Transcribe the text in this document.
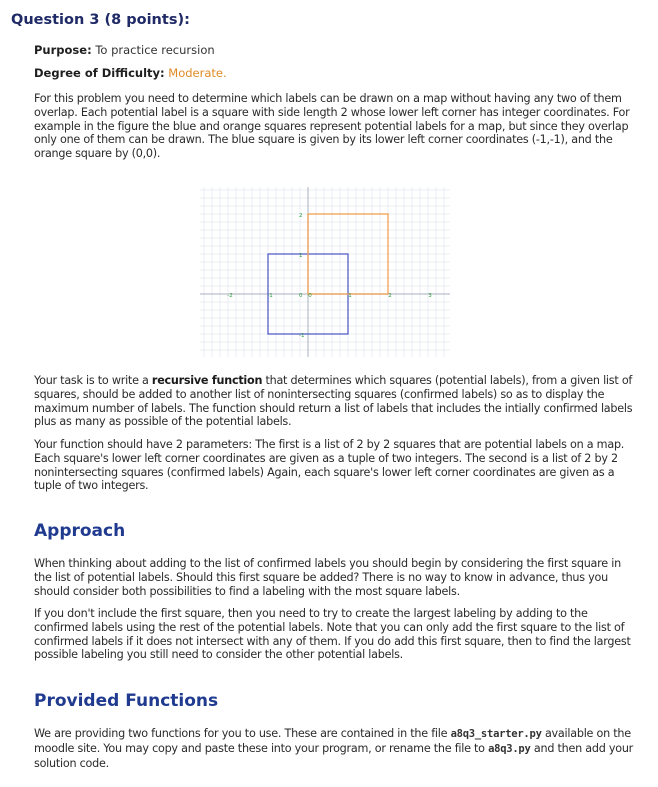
Question 3 (8 points):

Purpose: To practice recursion

Degree of Difficulty: Moderate.

For this problem you need to determine which labels can be drawn on a map without having any two of them overlap. Each potential label is a square with side length 2 whose lower left corner has integer coordinates. For example in the figure the blue and orange squares represent potential labels for a map, but since they overlap only one of them can be drawn. The blue square is given by its lower left corner coordinates (-1,-1), and the orange square by (0,0).

-2	-1	0	1	2	3
2
1
0
-1

Your task is to write a recursive function that determines which squares (potential labels), from a given list of squares, should be added to another list of nonintersecting squares (confirmed labels) so as to display the maximum number of labels. The function should return a list of labels that includes the intially confirmed labels plus as many as possible of the potential labels.

Your function should have 2 parameters: The first is a list of 2 by 2 squares that are potential labels on a map. Each square's lower left corner coordinates are given as a tuple of two integers. The second is a list of 2 by 2 nonintersecting squares (confirmed labels) Again, each square's lower left corner coordinates are given as a tuple of two integers.

Approach

When thinking about adding to the list of confirmed labels you should begin by considering the first square in the list of potential labels. Should this first square be added? There is no way to know in advance, thus you should consider both possibilities to find a labeling with the most square labels.

If you don't include the first square, then you need to try to create the largest labeling by adding to the confirmed labels using the rest of the potential labels. Note that you can only add the first square to the list of confirmed labels if it does not intersect with any of them. If you do add this first square, then to find the largest possible labeling you still need to consider the other potential labels.

Provided Functions

We are providing two functions for you to use. These are contained in the file a8q3_starter.py available on the moodle site. You may copy and paste these into your program, or rename the file to a8q3.py and then add your solution code.
